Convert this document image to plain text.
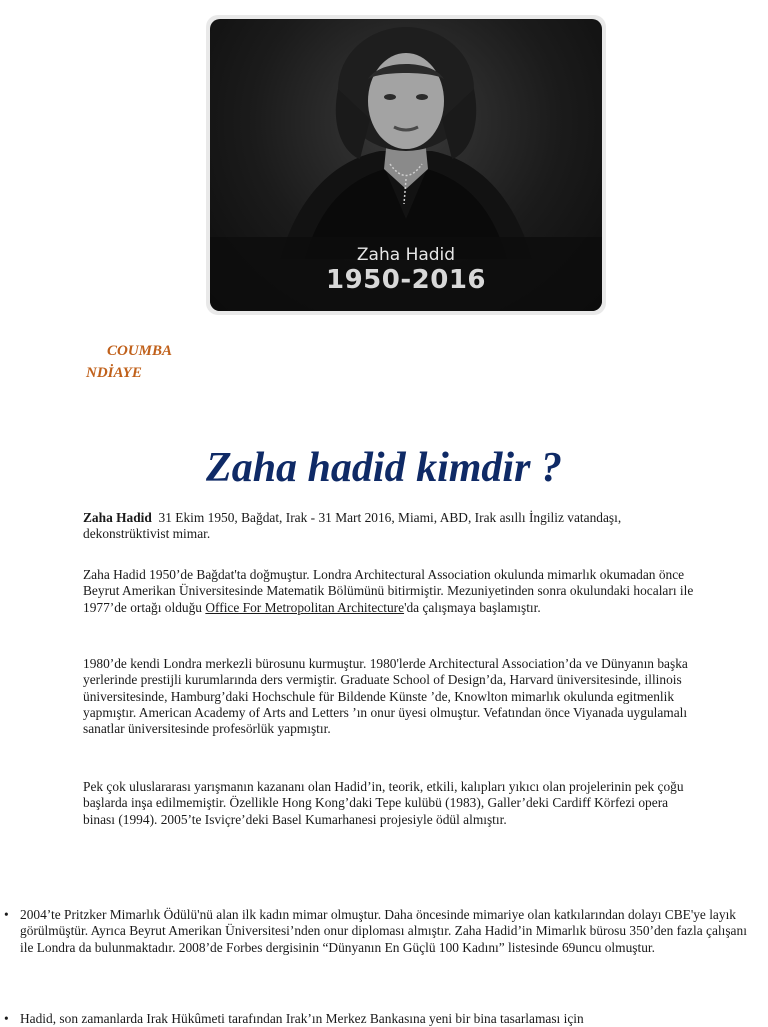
Zaha Hadid
1950-2016
COUMBA
NDİAYE
Zaha hadid kimdir ?
Zaha Hadid 31 Ekim 1950, Bağdat, Irak - 31 Mart 2016, Miami, ABD, Irak asıllı İngiliz vatandaşı, dekonstrüktivist mimar.
Zaha Hadid 1950’de Bağdat'ta doğmuştur. Londra Architectural Association okulunda mimarlık okumadan önce Beyrut Amerikan Üniversitesinde Matematik Bölümünü bitirmiştir. Mezuniyetinden sonra okulundaki hocaları ile 1977’de ortağı olduğu Office For Metropolitan Architecture'da çalışmaya başlamıştır.
1980’de kendi Londra merkezli bürosunu kurmuştur. 1980'lerde Architectural Association’da ve Dünyanın başka yerlerinde prestijli kurumlarında ders vermiştir. Graduate School of Design’da, Harvard üniversitesinde, illinois üniversitesinde, Hamburg’daki Hochschule für Bildende Künste ’de, Knowlton mimarlık okulunda egitmenlik yapmıştır. American Academy of Arts and Letters ’ın onur üyesi olmuştur. Vefatından önce Viyanada uygulamalı sanatlar üniversitesinde profesörlük yapmıştır.
Pek çok uluslararası yarışmanın kazananı olan Hadid’in, teorik, etkili, kalıpları yıkıcı olan projelerinin pek çoğu başlarda inşa edilmemiştir. Özellikle Hong Kong’daki Tepe kulübü (1983), Galler’deki Cardiff Körfezi opera binası (1994). 2005’te Isviçre’deki Basel Kumarhanesi projesiyle ödül almıştır.
• 2004’te Pritzker Mimarlık Ödülü'nü alan ilk kadın mimar olmuştur. Daha öncesinde mimariye olan katkılarından dolayı CBE'ye layık görülmüştür. Ayrıca Beyrut Amerikan Üniversitesi’nden onur diploması almıştır. Zaha Hadid’in Mimarlık bürosu 350’den fazla çalışanı ile Londra da bulunmaktadır. 2008’de Forbes dergisinin “Dünyanın En Güçlü 100 Kadını” listesinde 69uncu olmuştur.
• Hadid, son zamanlarda Irak Hükûmeti tarafından Irak’ın Merkez Bankasına yeni bir bina tasarlaması için
